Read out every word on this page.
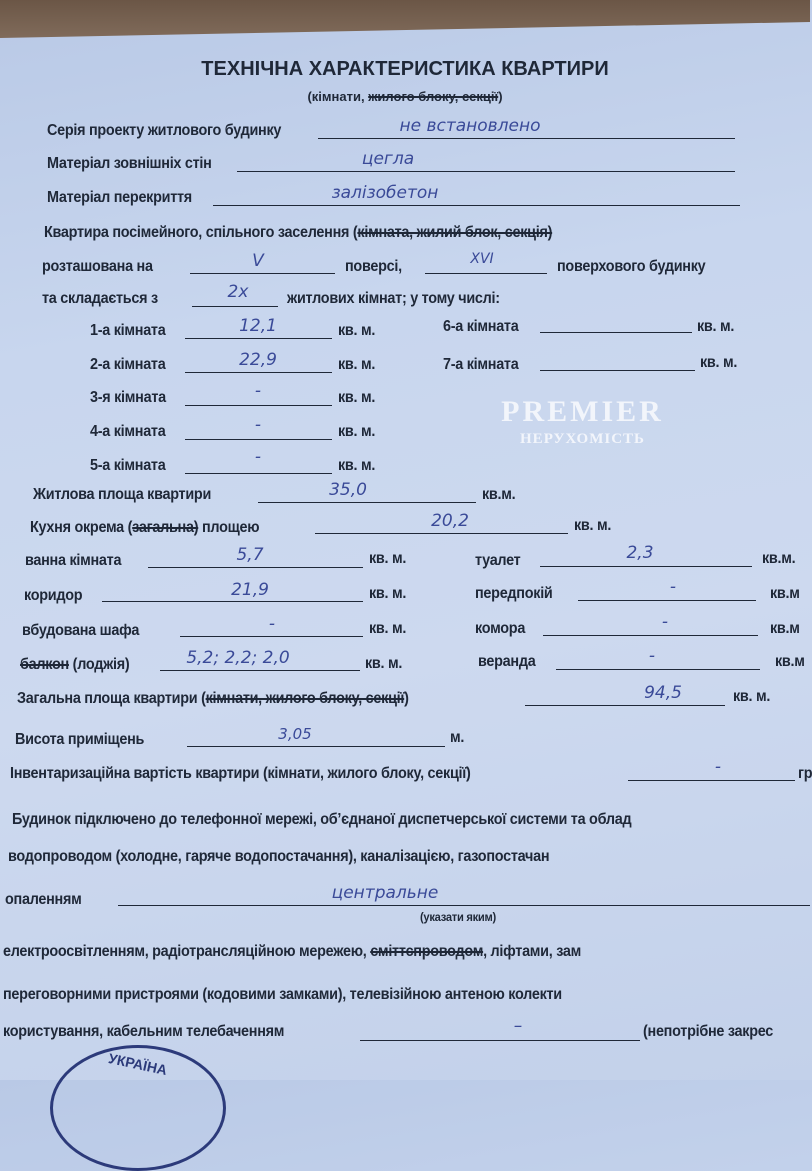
ТЕХНІЧНА ХАРАКТЕРИСТИКА КВАРТИРИ
(кімнати, жилого блоку, секції)
Серія проекту житлового будинку	не встановлено
Матеріал зовнішніх стін	цегла
Матеріал перекриття	залізобетон
Квартира посімейного, спільного заселення (кімната, жилий блок, секція)
розташована на	V	поверсі,	XVI	поверхового будинку
та складається з	2х житлових кімнат; у тому числі:
1-а кімната	12,1	кв. м.
2-а кімната	22,9	кв. м.
3-я кімната	-	кв. м.
4-а кімната	-	кв. м.
5-а кімната	-	кв. м.
6-а кімната	кв. м.
7-а кімната	кв. м.
Житлова площа квартири	35,0	кв.м.
Кухня окрема (загальна) площею	20,2	кв. м.
ванна кімната	5,7	кв. м.	туалет	2,3	кв.м.
коридор	21,9	кв. м.	передпокій	-	кв.м
вбудована шафа	-	кв. м.	комора	-	кв.м
балкон (лоджія)	5,2; 2,2; 2,0	кв. м.	веранда	-	кв.м
Загальна площа квартири (кімнати, жилого блоку, секції)	94,5	кв. м.
Висота приміщень	3,05	м.
Інвентаризаційна вартість квартири (кімнати, жилого блоку, секції)	-	гр
Будинок підключено до телефонної мережі, об’єднаної диспетчерської системи та облад
водопроводом (холодне, гаряче водопостачання), каналізацією, газопостачан
опаленням	центральне
(указати яким)
електроосвітленням, радіотрансляційною мережею, сміттєпроводом, ліфтами, зам
переговорними пристроями (кодовими замками), телевізійною антеною колекти
користування, кабельним телебаченням	–	(непотрібне закрес
PREMIER
НЕРУХОМІСТЬ
УКРАЇНА
